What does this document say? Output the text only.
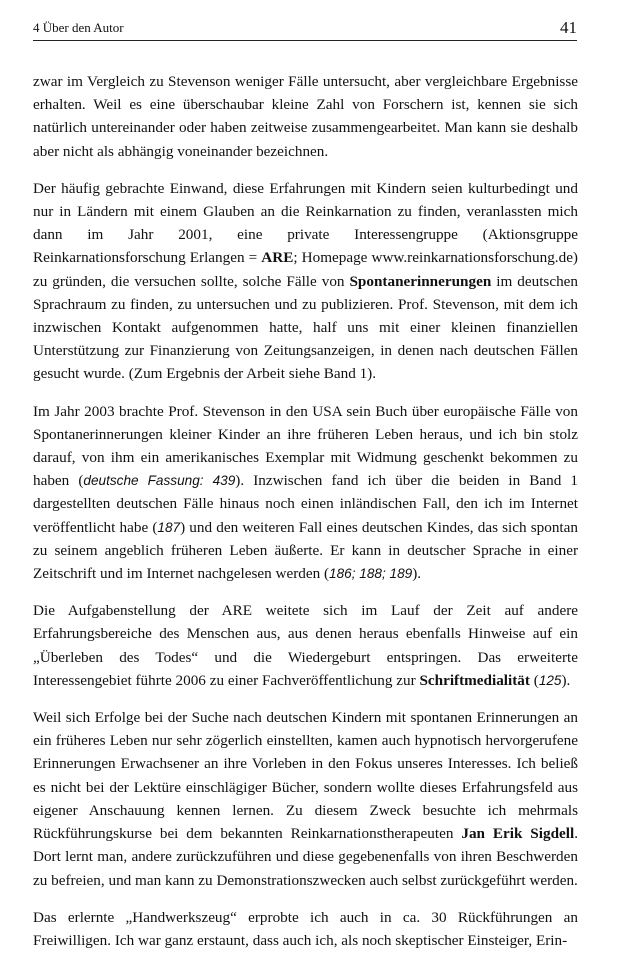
4 Über den Autor	41

zwar im Vergleich zu Stevenson weniger Fälle untersucht, aber vergleichbare Ergebnisse erhalten. Weil es eine überschaubar kleine Zahl von Forschern ist, kennen sie sich natürlich untereinander oder haben zeitweise zusammengearbeitet. Man kann sie deshalb aber nicht als abhängig voneinander bezeichnen.

Der häufig gebrachte Einwand, diese Erfahrungen mit Kindern seien kulturbedingt und nur in Ländern mit einem Glauben an die Reinkarnation zu finden, veranlassten mich dann im Jahr 2001, eine private Interessengruppe (Aktionsgruppe Reinkarnationsforschung Erlangen = ARE; Homepage www.reinkarnationsforschung.de) zu gründen, die versuchen sollte, solche Fälle von Spontanerinnerungen im deutschen Sprachraum zu finden, zu untersuchen und zu publizieren. Prof. Stevenson, mit dem ich inzwischen Kontakt aufgenommen hatte, half uns mit einer kleinen finanziellen Unterstützung zur Finanzierung von Zeitungsanzeigen, in denen nach deutschen Fällen gesucht wurde. (Zum Ergebnis der Arbeit siehe Band 1).

Im Jahr 2003 brachte Prof. Stevenson in den USA sein Buch über europäische Fälle von Spontanerinnerungen kleiner Kinder an ihre früheren Leben heraus, und ich bin stolz darauf, von ihm ein amerikanisches Exemplar mit Widmung geschenkt bekommen zu haben (deutsche Fassung: 439). Inzwischen fand ich über die beiden in Band 1 dargestellten deutschen Fälle hinaus noch einen inländischen Fall, den ich im Internet veröffentlicht habe (187) und den weiteren Fall eines deutschen Kindes, das sich spontan zu seinem angeblich früheren Leben äußerte. Er kann in deutscher Sprache in einer Zeitschrift und im Internet nachgelesen werden (186; 188; 189).

Die Aufgabenstellung der ARE weitete sich im Lauf der Zeit auf andere Erfahrungsbereiche des Menschen aus, aus denen heraus ebenfalls Hinweise auf ein „Überleben des Todes“ und die Wiedergeburt entspringen. Das erweiterte Interessengebiet führte 2006 zu einer Fachveröffentlichung zur Schriftmedialität (125).

Weil sich Erfolge bei der Suche nach deutschen Kindern mit spontanen Erinnerungen an ein früheres Leben nur sehr zögerlich einstellten, kamen auch hypnotisch hervorgerufene Erinnerungen Erwachsener an ihre Vorleben in den Fokus unseres Interesses. Ich beließ es nicht bei der Lektüre einschlägiger Bücher, sondern wollte dieses Erfahrungsfeld aus eigener Anschauung kennen lernen. Zu diesem Zweck besuchte ich mehrmals Rückführungskurse bei dem bekannten Reinkarnationstherapeuten Jan Erik Sigdell. Dort lernt man, andere zurückzuführen und diese gegebenenfalls von ihren Beschwerden zu befreien, und man kann zu Demonstrationszwecken auch selbst zurückgeführt werden.

Das erlernte „Handwerkszeug“ erprobte ich auch in ca. 30 Rückführungen an Freiwilligen. Ich war ganz erstaunt, dass auch ich, als noch skeptischer Einsteiger, Erin-
